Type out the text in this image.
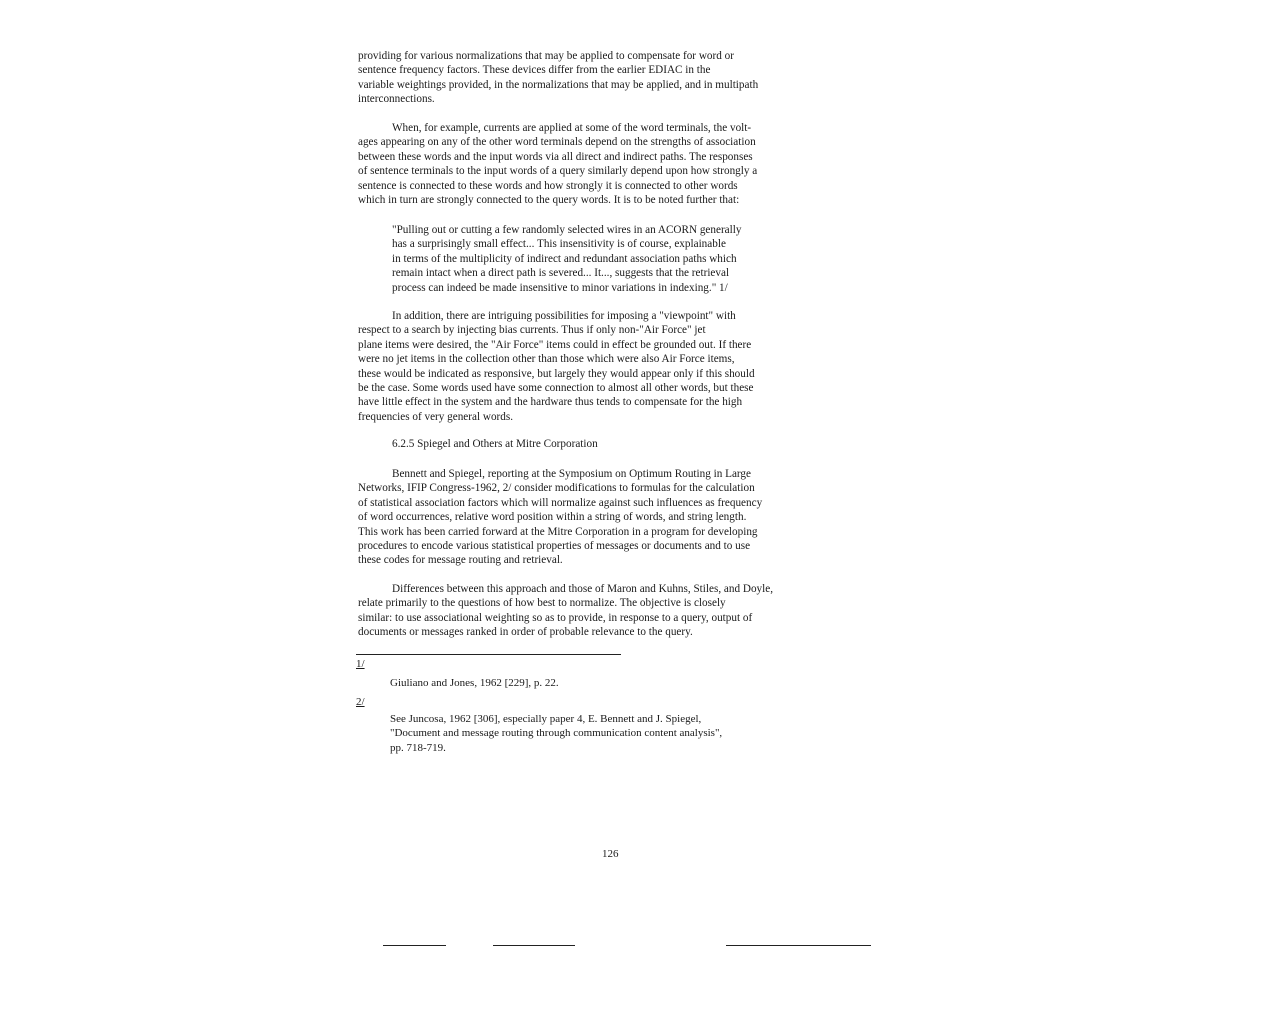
providing for various normalizations that may be applied to compensate for word or
sentence frequency factors. These devices differ from the earlier EDIAC in the
variable weightings provided, in the normalizations that may be applied, and in multipath
interconnections.
When, for example, currents are applied at some of the word terminals, the volt-
ages appearing on any of the other word terminals depend on the strengths of association
between these words and the input words via all direct and indirect paths. The responses
of sentence terminals to the input words of a query similarly depend upon how strongly a
sentence is connected to these words and how strongly it is connected to other words
which in turn are strongly connected to the query words. It is to be noted further that:
"Pulling out or cutting a few randomly selected wires in an ACORN generally
has a surprisingly small effect... This insensitivity is of course, explainable
in terms of the multiplicity of indirect and redundant association paths which
remain intact when a direct path is severed... It..., suggests that the retrieval
process can indeed be made insensitive to minor variations in indexing." 1/
In addition, there are intriguing possibilities for imposing a "viewpoint" with
respect to a search by injecting bias currents. Thus if only non-"Air Force" jet
plane items were desired, the "Air Force" items could in effect be grounded out. If there
were no jet items in the collection other than those which were also Air Force items,
these would be indicated as responsive, but largely they would appear only if this should
be the case. Some words used have some connection to almost all other words, but these
have little effect in the system and the hardware thus tends to compensate for the high
frequencies of very general words.
6.2.5 Spiegel and Others at Mitre Corporation
Bennett and Spiegel, reporting at the Symposium on Optimum Routing in Large
Networks, IFIP Congress-1962, 2/ consider modifications to formulas for the calculation
of statistical association factors which will normalize against such influences as frequency
of word occurrences, relative word position within a string of words, and string length.
This work has been carried forward at the Mitre Corporation in a program for developing
procedures to encode various statistical properties of messages or documents and to use
these codes for message routing and retrieval.
Differences between this approach and those of Maron and Kuhns, Stiles, and Doyle,
relate primarily to the questions of how best to normalize. The objective is closely
similar: to use associational weighting so as to provide, in response to a query, output of
documents or messages ranked in order of probable relevance to the query.
1/
Giuliano and Jones, 1962 [229], p. 22.
2/
See Juncosa, 1962 [306], especially paper 4, E. Bennett and J. Spiegel,
"Document and message routing through communication content analysis",
pp. 718-719.
126
